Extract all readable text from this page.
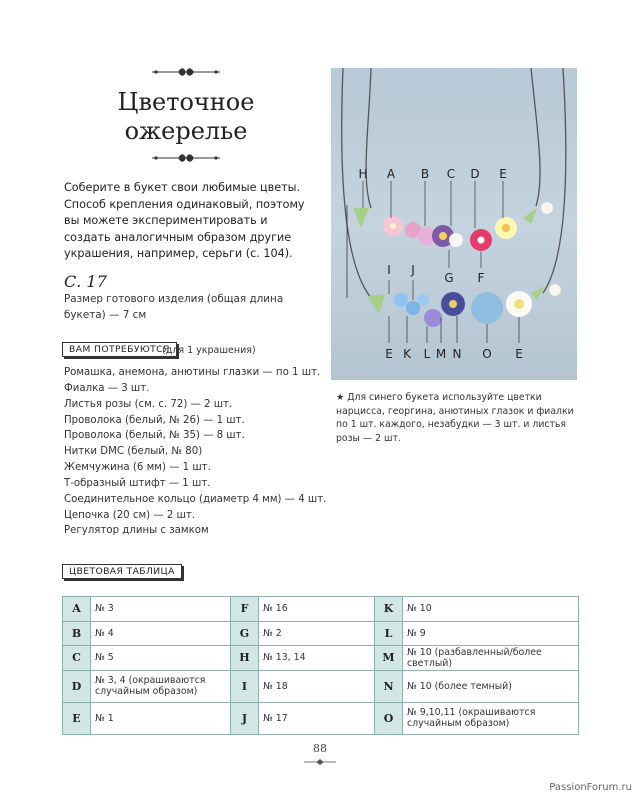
Цветочное
ожерелье
Соберите в букет свои любимые цветы. Способ крепления одинаковый, поэтому вы можете экспериментировать и создать аналогичным образом другие украшения, например, серьги (с. 104).
С. 17
Размер готового изделия (общая длина букета) — 7 см
ВАМ ПОТРЕБУЮТСЯ
(для 1 украшения)
Ромашка, анемона, анютины глазки — по 1 шт.
Фиалка — 3 шт.
Листья розы (см. с. 72) — 2 шт.
Проволока (белый, № 26) — 1 шт.
Проволока (белый, № 35) — 8 шт.
Нитки DMC (белый, № 80)
Жемчужина (6 мм) — 1 шт.
Т-образный штифт — 1 шт.
Соединительное кольцо (диаметр 4 мм) — 4 шт.
Цепочка (20 см) — 2 шт.
Регулятор длины с замком
H A B C D E
G F
I J
E K L M N O E
★ Для синего букета используйте цветки нарцисса, георгина, анютиных глазок и фиалки по 1 шт. каждого, незабудки — 3 шт. и листья розы — 2 шт.
ЦВЕТОВАЯ ТАБЛИЦА
A	№ 3	F	№ 16	K	№ 10
B	№ 4	G	№ 2	L	№ 9
C	№ 5	H	№ 13, 14	M	№ 10 (разбавленный/более светлый)
D	№ 3, 4 (окрашиваются случайным образом)	I	№ 18	N	№ 10 (более темный)
E	№ 1	J	№ 17	O	№ 9,10,11 (окрашиваются случайным образом)
88
PassionForum.ru
